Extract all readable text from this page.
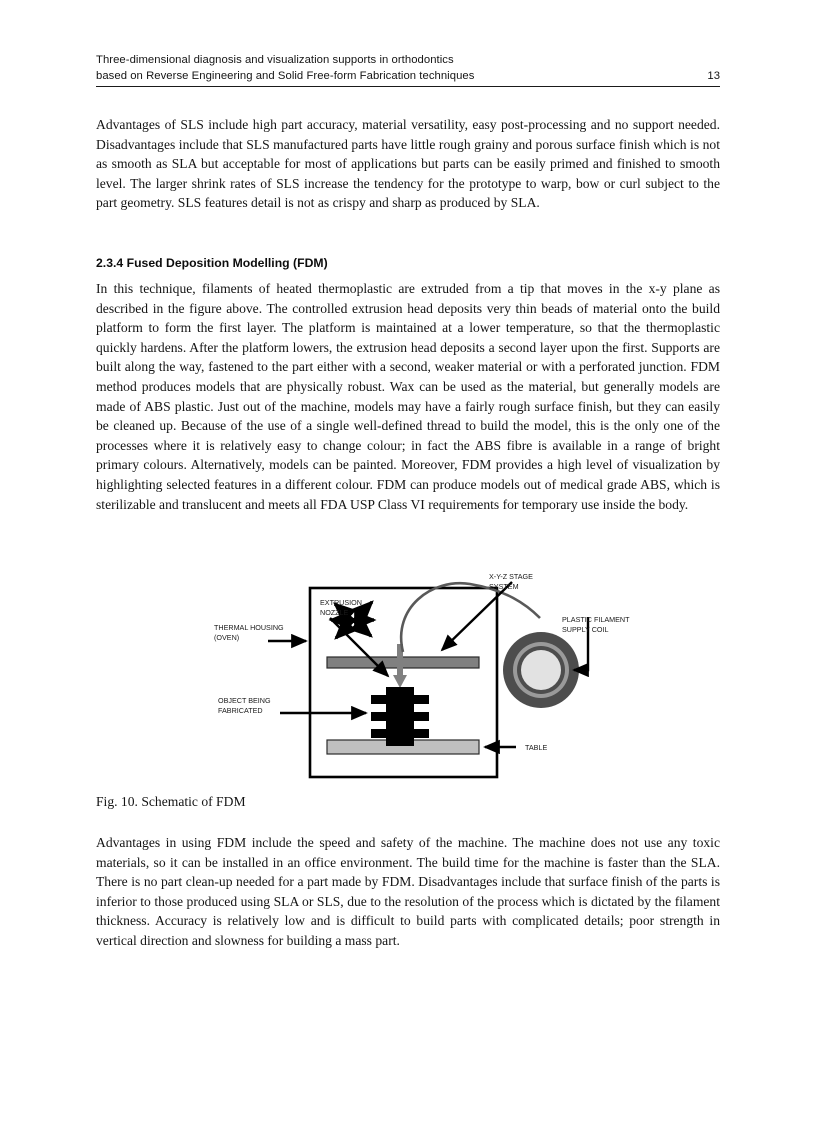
Three-dimensional diagnosis and visualization supports in orthodontics
based on Reverse Engineering and Solid Free-form Fabrication techniques	13
Advantages of SLS include high part accuracy, material versatility, easy post-processing and no support needed. Disadvantages include that SLS manufactured parts have little rough grainy and porous surface finish which is not as smooth as SLA but acceptable for most of applications but parts can be easily primed and finished to smooth level. The larger shrink rates of SLS increase the tendency for the prototype to warp, bow or curl subject to the part geometry. SLS features detail is not as crispy and sharp as produced by SLA.
2.3.4 Fused Deposition Modelling (FDM)
In this technique, filaments of heated thermoplastic are extruded from a tip that moves in the x-y plane as described in the figure above. The controlled extrusion head deposits very thin beads of material onto the build platform to form the first layer. The platform is maintained at a lower temperature, so that the thermoplastic quickly hardens. After the platform lowers, the extrusion head deposits a second layer upon the first. Supports are built along the way, fastened to the part either with a second, weaker material or with a perforated junction. FDM method produces models that are physically robust. Wax can be used as the material, but generally models are made of ABS plastic. Just out of the machine, models may have a fairly rough surface finish, but they can easily be cleaned up. Because of the use of a single well-defined thread to build the model, this is the only one of the processes where it is relatively easy to change colour; in fact the ABS fibre is available in a range of bright primary colours. Alternatively, models can be painted. Moreover, FDM provides a high level of visualization by highlighting selected features in a different colour. FDM can produce models out of medical grade ABS, which is sterilizable and translucent and meets all FDA USP Class VI requirements for temporary use inside the body.
X-Y-Z STAGE
SYSTEM
EXTRUSION
NOZZLE
THERMAL HOUSING
(OVEN)
PLASTIC FILAMENT
SUPPLY COIL
OBJECT BEING
FABRICATED
TABLE
Fig. 10. Schematic of FDM
Advantages in using FDM include the speed and safety of the machine. The machine does not use any toxic materials, so it can be installed in an office environment. The build time for the machine is faster than the SLA. There is no part clean-up needed for a part made by FDM. Disadvantages include that surface finish of the parts is inferior to those produced using SLA or SLS, due to the resolution of the process which is dictated by the filament thickness. Accuracy is relatively low and is difficult to build parts with complicated details; poor strength in vertical direction and slowness for building a mass part.
